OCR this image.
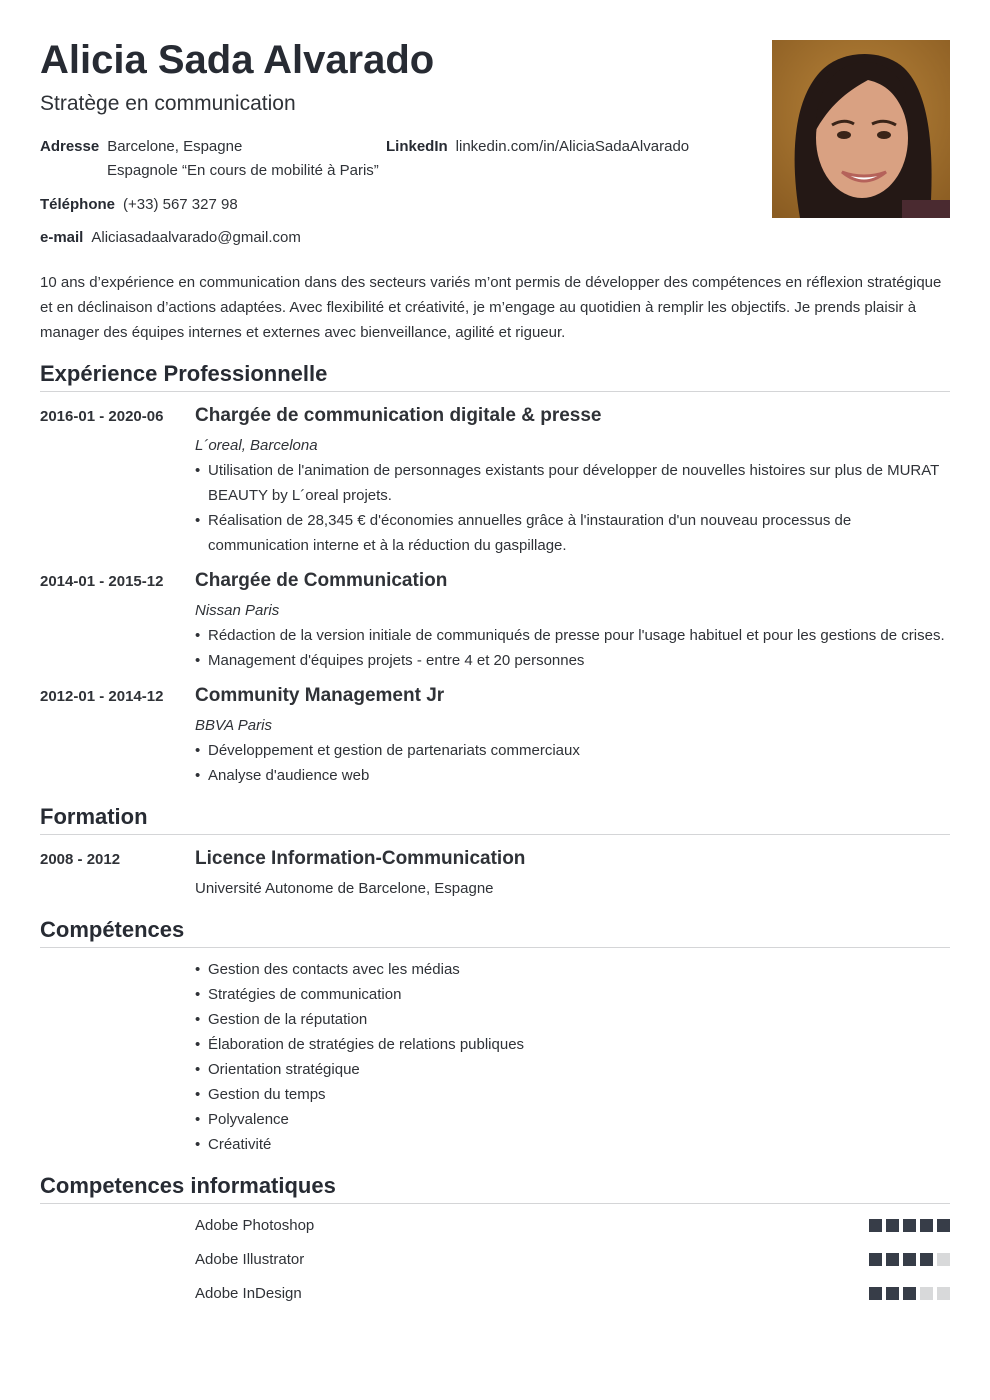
Alicia Sada Alvarado
Stratège en communication
Adresse Barcelone, Espagne
Espagnole “En cours de mobilité à Paris”
LinkedIn linkedin.com/in/AliciaSadaAlvarado
Téléphone (+33) 567 327 98
e-mail Aliciasadaalvarado@gmail.com

10 ans d’expérience en communication dans des secteurs variés m’ont permis de développer des compétences en réflexion stratégique et en déclinaison d’actions adaptées. Avec flexibilité et créativité, je m’engage au quotidien à remplir les objectifs. Je prends plaisir à manager des équipes internes et externes avec bienveillance, agilité et rigueur.

Expérience Professionnelle
2016-01 - 2020-06 Chargée de communication digitale & presse
L´oreal, Barcelona
• Utilisation de l'animation de personnages existants pour développer de nouvelles histoires sur plus de MURAT BEAUTY by L´oreal projets.
• Réalisation de 28,345 € d'économies annuelles grâce à l'instauration d'un nouveau processus de communication interne et à la réduction du gaspillage.
2014-01 - 2015-12 Chargée de Communication
Nissan Paris
• Rédaction de la version initiale de communiqués de presse pour l'usage habituel et pour les gestions de crises.
• Management d'équipes projets - entre 4 et 20 personnes
2012-01 - 2014-12 Community Management Jr
BBVA Paris
• Développement et gestion de partenariats commerciaux
• Analyse d'audience web
Formation
2008 - 2012	Licence Information-Communication
Université Autonome de Barcelone, Espagne
Compétences
• Gestion des contacts avec les médias
• Stratégies de communication
• Gestion de la réputation
• Élaboration de stratégies de relations publiques
• Orientation stratégique
• Gestion du temps
• Polyvalence
• Créativité
Competences informatiques
Adobe Photoshop
Adobe Illustrator
Adobe InDesign
